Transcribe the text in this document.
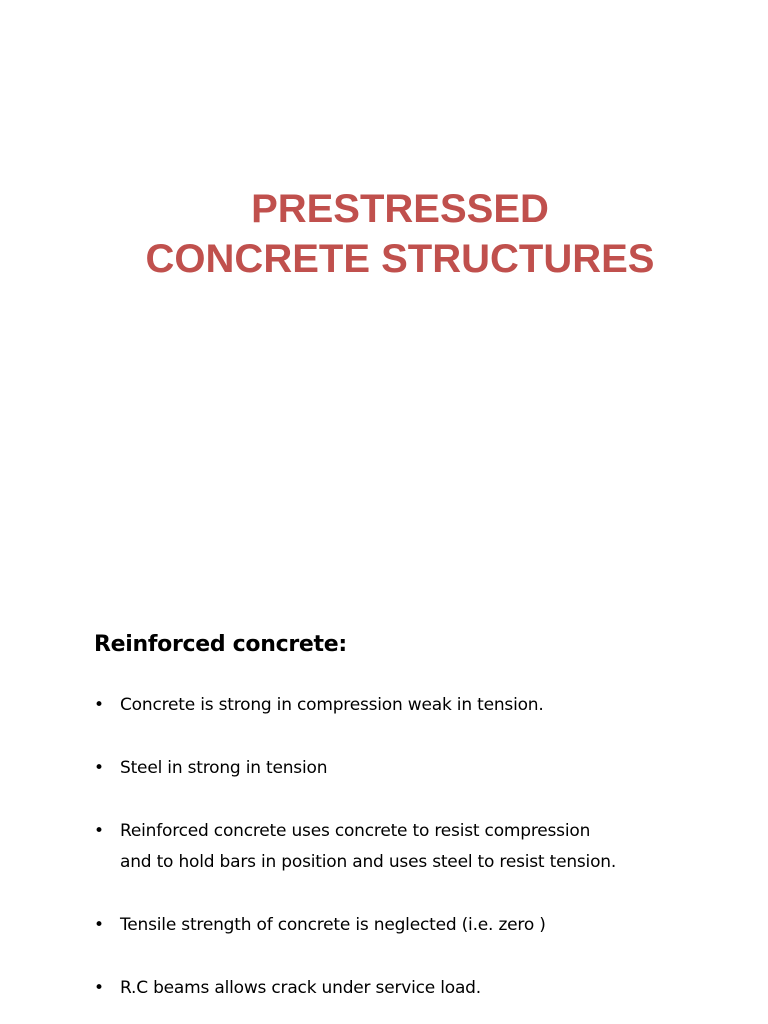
PRESTRESSED
CONCRETE STRUCTURES
Reinforced concrete:
• Concrete is strong in compression weak in tension.
• Steel in strong in tension
• Reinforced concrete uses concrete to resist compression
and to hold bars in position and uses steel to resist tension.
• Tensile strength of concrete is neglected (i.e. zero )
• R.C beams allows crack under service load.
